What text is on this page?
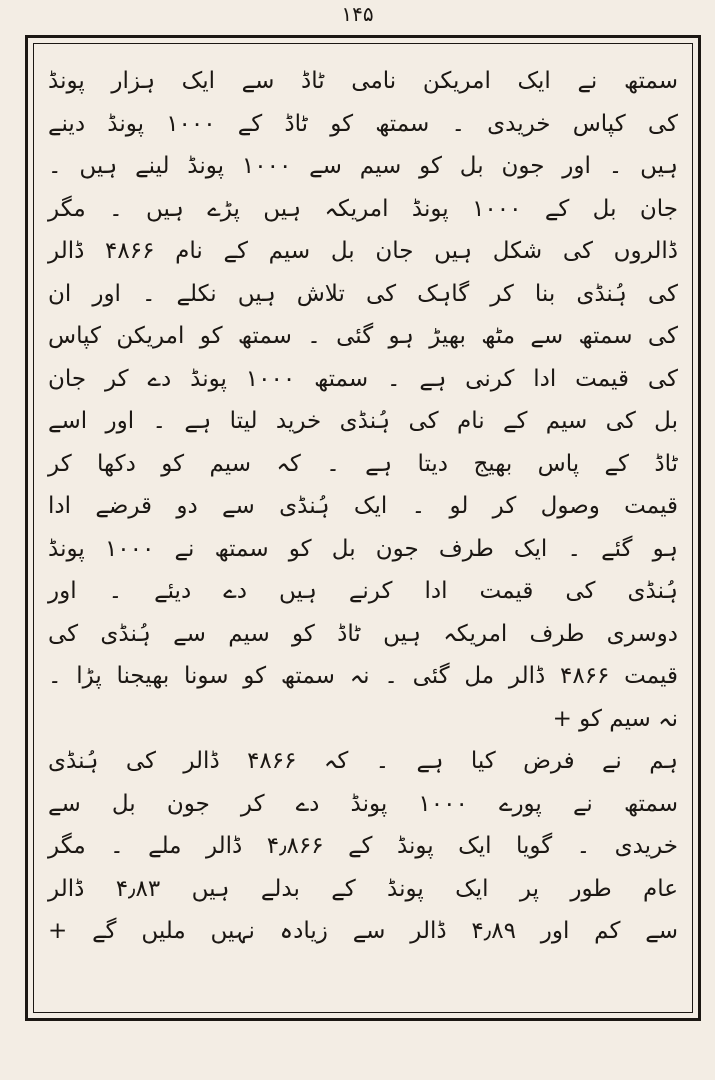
۱۴۵
سمتھ نے ایک امریکن نامی ٹاڈ سے ایک ہزار پونڈ
کی کپاس خریدی ۔ سمتھ کو ٹاڈ کے ۱۰۰۰ پونڈ دینے
ہیں ۔ اور جون بل کو سیم سے ۱۰۰۰ پونڈ لینے ہیں ۔
جان بل کے ۱۰۰۰ پونڈ امریکہ ہیں پڑے ہیں ۔ مگر
ڈالروں کی شکل ہیں جان بل سیم کے نام ۴۸۶۶ ڈالر
کی ہُنڈی بنا کر گاہک کی تلاش ہیں نکلے ۔ اور ان
کی سمتھ سے مٹھ بھیڑ ہو گئی ۔ سمتھ کو امریکن کپاس
کی قیمت ادا کرنی ہے ۔ سمتھ ۱۰۰۰ پونڈ دے کر جان
بل کی سیم کے نام کی ہُنڈی خرید لیتا ہے ۔ اور اسے
ٹاڈ کے پاس بھیج دیتا ہے ۔ کہ سیم کو دکھا کر
قیمت وصول کر لو ۔ ایک ہُنڈی سے دو قرضے ادا
ہو گئے ۔ ایک طرف جون بل کو سمتھ نے ۱۰۰۰ پونڈ
ہُنڈی کی قیمت ادا کرنے ہیں دے دیئے ۔ اور
دوسری طرف امریکہ ہیں ٹاڈ کو سیم سے ہُنڈی کی
قیمت ۴۸۶۶ ڈالر مل گئی ۔ نہ سمتھ کو سونا بھیجنا پڑا ۔
نہ سیم کو +
ہم نے فرض کیا ہے ۔ کہ ۴۸۶۶ ڈالر کی ہُنڈی
سمتھ نے پورے ۱۰۰۰ پونڈ دے کر جون بل سے
خریدی ۔ گویا ایک پونڈ کے ۴٫۸۶۶ ڈالر ملے ۔ مگر
عام طور پر ایک پونڈ کے بدلے ہیں ۴٫۸۳ ڈالر
سے کم اور ۴٫۸۹ ڈالر سے زیادہ نہیں ملیں گے +
